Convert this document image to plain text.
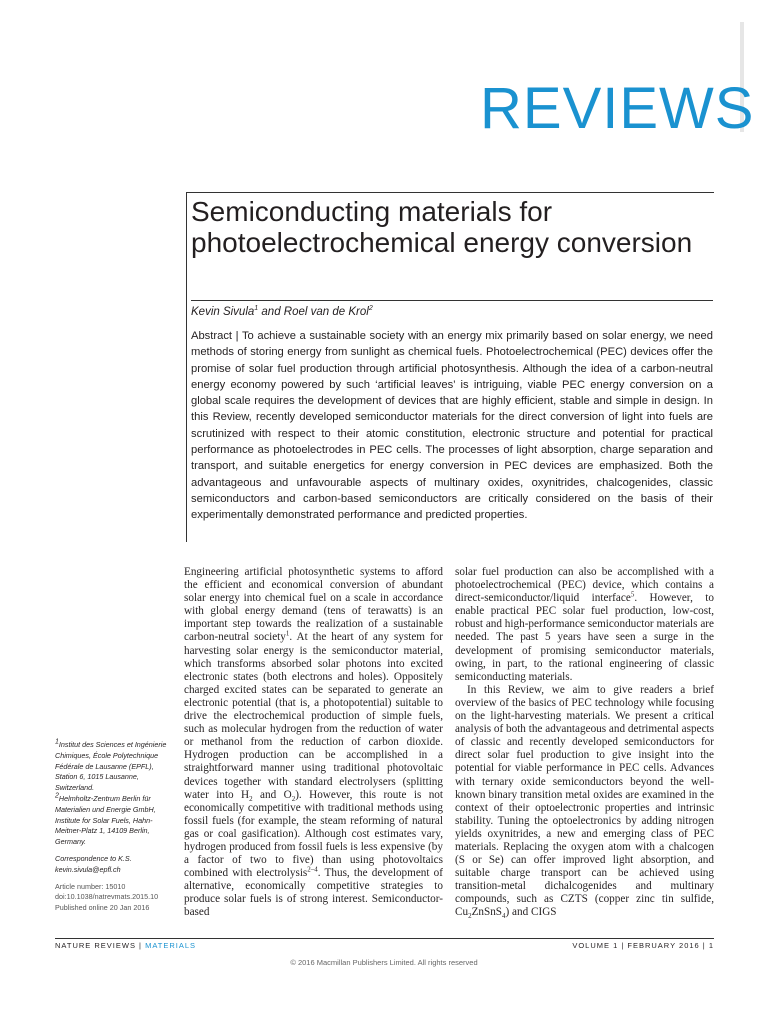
REVIEWS
Semiconducting materials for photoelectrochemical energy conversion
Kevin Sivula$^1$ and Roel van de Krol$^2$

Abstract | To achieve a sustainable society with an energy mix primarily based on solar energy, we need methods of storing energy from sunlight as chemical fuels. Photoelectrochemical (PEC) devices offer the promise of solar fuel production through artificial photosynthesis. Although the idea of a carbon-neutral energy economy powered by such ‘artificial leaves’ is intriguing, viable PEC energy conversion on a global scale requires the development of devices that are highly efficient, stable and simple in design. In this Review, recently developed semiconductor materials for the direct conversion of light into fuels are scrutinized with respect to their atomic constitution, electronic structure and potential for practical performance as photoelectrodes in PEC cells. The processes of light absorption, charge separation and transport, and suitable energetics for energy conversion in PEC devices are emphasized. Both the advantageous and unfavourable aspects of multinary oxides, oxynitrides, chalcogenides, classic semiconductors and carbon-based semiconductors are critically considered on the basis of their experimentally demonstrated performance and predicted properties.

Engineering artificial photosynthetic systems to afford the efficient and economical conversion of abundant solar energy into chemical fuel on a scale in accordance with global energy demand (tens of terawatts) is an important step towards the realization of a sustainable carbon-neutral society$^1$. At the heart of any system for harvesting solar energy is the semiconductor material, which transforms absorbed solar photons into excited electronic states (both electrons and holes). Oppositely charged excited states can be separated to generate an electronic potential (that is, a photopotential) suitable to drive the electrochemical production of simple fuels, such as molecular hydrogen from the reduction of water or methanol from the reduction of carbon dioxide. Hydrogen production can be accomplished in a straightforward manner using traditional photovoltaic devices together with standard electrolysers (splitting water into $H_2$ and $O_2$). However, this route is not economically competitive with traditional methods using fossil fuels (for example, the steam reforming of natural gas or coal gasification). Although cost estimates vary, hydrogen produced from fossil fuels is less expensive (by a factor of two to five) than using photovoltaics combined with electrolysis$^{2-4}$. Thus, the development of alternative, economically competitive strategies to produce solar fuels is of strong interest. Semiconductor-based

solar fuel production can also be accomplished with a photoelectrochemical (PEC) device, which contains a direct-semiconductor/liquid interface$^5$. However, to enable practical PEC solar fuel production, low-cost, robust and high-performance semiconductor materials are needed. The past 5 years have seen a surge in the development of promising semiconductor materials, owing, in part, to the rational engineering of classic semiconducting materials.

In this Review, we aim to give readers a brief overview of the basics of PEC technology while focusing on the light-harvesting materials. We present a critical analysis of both the advantageous and detrimental aspects of classic and recently developed semiconductors for direct solar fuel production to give insight into the potential for viable performance in PEC cells. Advances with ternary oxide semiconductors beyond the well-known binary transition metal oxides are examined in the context of their optoelectronic properties and intrinsic stability. Tuning the optoelectronics by adding nitrogen yields oxynitrides, a new and emerging class of PEC materials. Replacing the oxygen atom with a chalcogen (S or Se) can offer improved light absorption, and suitable charge transport can be achieved using transition-metal dichalcogenides and multinary compounds, such as CZTS (copper zinc tin sulfide, $Cu_2ZnSnS_4$) and CIGS

$^1$Institut des Sciences et Ingénierie Chimiques, École Polytechnique Fédérale de Lausanne (EPFL), Station 6, 1015 Lausanne, Switzerland.
$^2$Helmholtz-Zentrum Berlin für Materialien und Energie GmbH, Institute for Solar Fuels, Hahn-Meitner-Platz 1, 14109 Berlin, Germany.

Correspondence to K.S.
kevin.sivula@epfl.ch

Article number: 15010
doi:10.1038/natrevmats.2015.10
Published online 20 Jan 2016
NATURE REVIEWS | MATERIALS	VOLUME 1 | FEBRUARY 2016 | 1
© 2016 Macmillan Publishers Limited. All rights reserved
